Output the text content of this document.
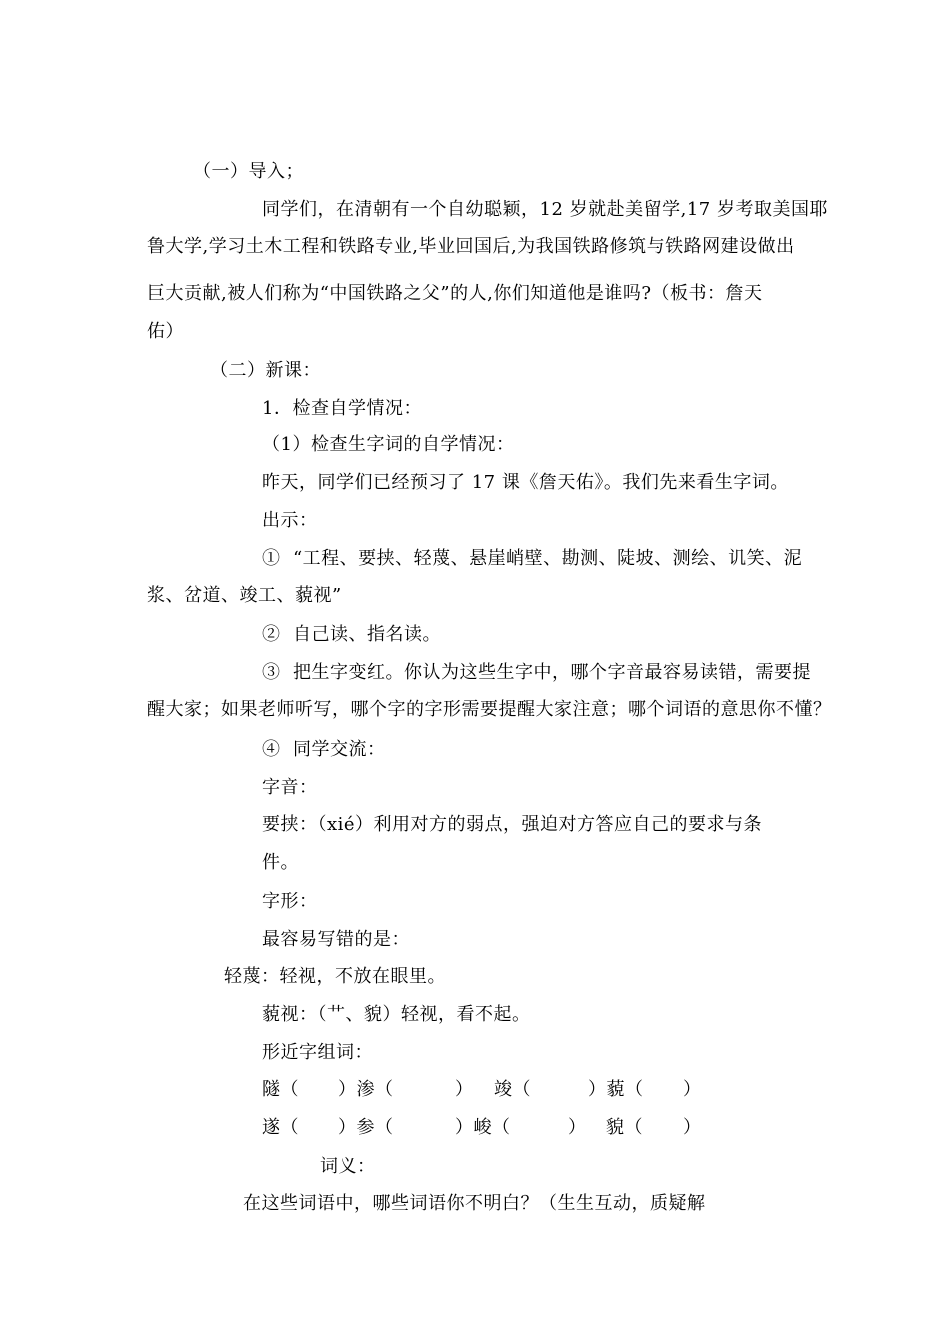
（一）导入；
同学们，在清朝有一个自幼聪颖，12 岁就赴美留学,17 岁考取美国耶
鲁大学,学习土木工程和铁路专业,毕业回国后,为我国铁路修筑与铁路网建设做出
巨大贡献,被人们称为“中国铁路之父”的人,你们知道他是谁吗?（板书：詹天
佑）
（二）新课：
1．检查自学情况：
（1）检查生字词的自学情况：
昨天，同学们已经预习了 17 课《詹天佑》。我们先来看生字词。
出示：
①  “工程、要挟、轻蔑、悬崖峭壁、勘测、陡坡、测绘、讥笑、泥
浆、岔道、竣工、藐视”
②  自己读、指名读。
③  把生字变红。你认为这些生字中，哪个字音最容易读错，需要提
醒大家；如果老师听写，哪个字的字形需要提醒大家注意；哪个词语的意思你不懂？
④  同学交流：
字音：
要挟：（xié）利用对方的弱点，强迫对方答应自己的要求与条
件。
字形：
最容易写错的是：
轻蔑：轻视，不放在眼里。
藐视：（艹、貌）轻视，看不起。
形近字组词：
隧（ ）渗（	） 竣（	）藐（ ）
遂（ ）参（	）峻（	） 貌（ ）
词义：
在这些词语中，哪些词语你不明白？（生生互动，质疑解
